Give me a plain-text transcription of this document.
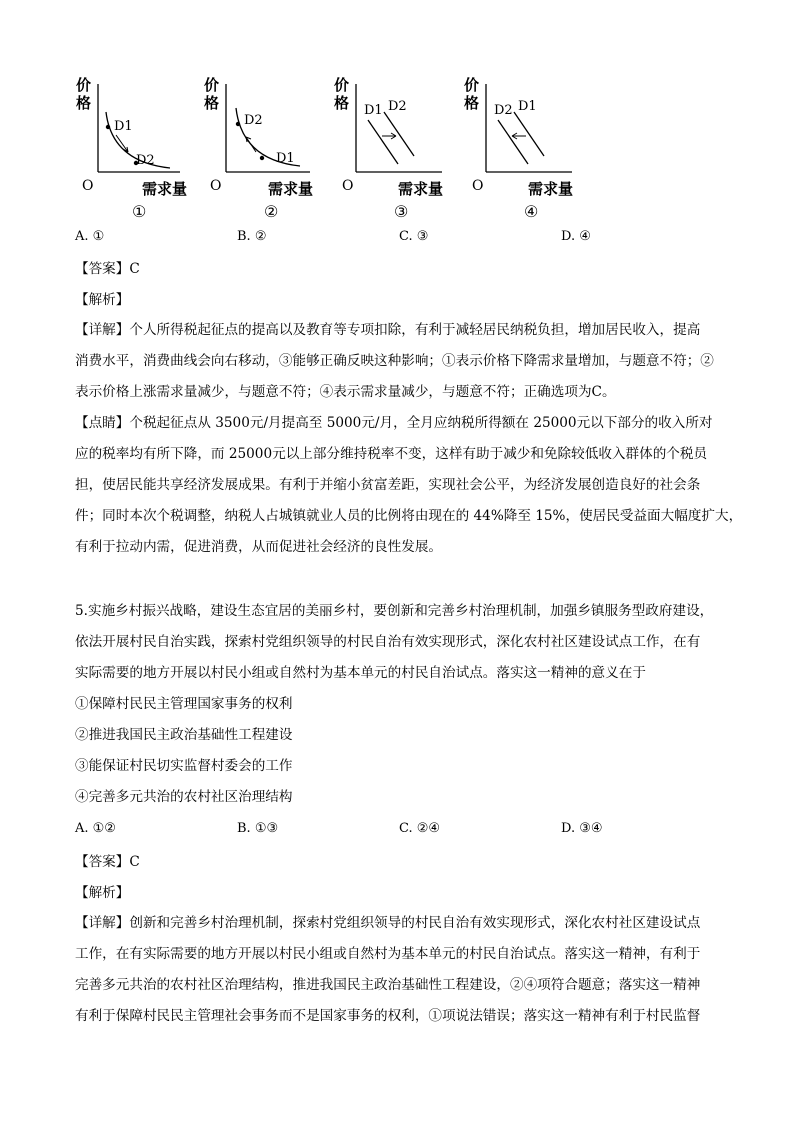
价
格
D1
D2
O	需求量
①
价
格
D2
D1
O	需求量
②
价
格 D1 D2
O	需求量
③
价
格 D2 D1
O	需求量
④
A. ①	B. ②	C. ③	D. ④
【答案】C
【解析】
【详解】个人所得税起征点的提高以及教育等专项扣除，有利于减轻居民纳税负担，增加居民收入，提高
消费水平，消费曲线会向右移动，③能够正确反映这种影响；①表示价格下降需求量增加，与题意不符；②
表示价格上涨需求量减少，与题意不符；④表示需求量减少，与题意不符；正确选项为C。
【点睛】个税起征点从 3500元/月提高至 5000元/月，全月应纳税所得额在 25000元以下部分的收入所对
应的税率均有所下降，而 25000元以上部分维持税率不变，这样有助于减少和免除较低收入群体的个税员
担，使居民能共享经济发展成果。有利于并缩小贫富差距，实现社会公平，为经济发展创造良好的社会条
件；同时本次个税调整，纳税人占城镇就业人员的比例将由现在的 44%降至 15%，使居民受益面大幅度扩大，
有利于拉动内需，促进消费，从而促进社会经济的良性发展。
5.实施乡村振兴战略，建设生态宜居的美丽乡村，要创新和完善乡村治理机制，加强乡镇服务型政府建设，
依法开展村民自治实践，探索村党组织领导的村民自治有效实现形式，深化农村社区建设试点工作，在有
实际需要的地方开展以村民小组或自然村为基本单元的村民自治试点。落实这一精神的意义在于
①保障村民民主管理国家事务的权利
②推进我国民主政治基础性工程建设
③能保证村民切实监督村委会的工作
④完善多元共治的农村社区治理结构
A. ①②	B. ①③	C. ②④	D. ③④
【答案】C
【解析】
【详解】创新和完善乡村治理机制，探索村党组织领导的村民自治有效实现形式，深化农村社区建设试点
工作，在有实际需要的地方开展以村民小组或自然村为基本单元的村民自治试点。落实这一精神，有利于
完善多元共治的农村社区治理结构，推进我国民主政治基础性工程建设，②④项符合题意；落实这一精神
有利于保障村民民主管理社会事务而不是国家事务的权利，①项说法错误；落实这一精神有利于村民监督
